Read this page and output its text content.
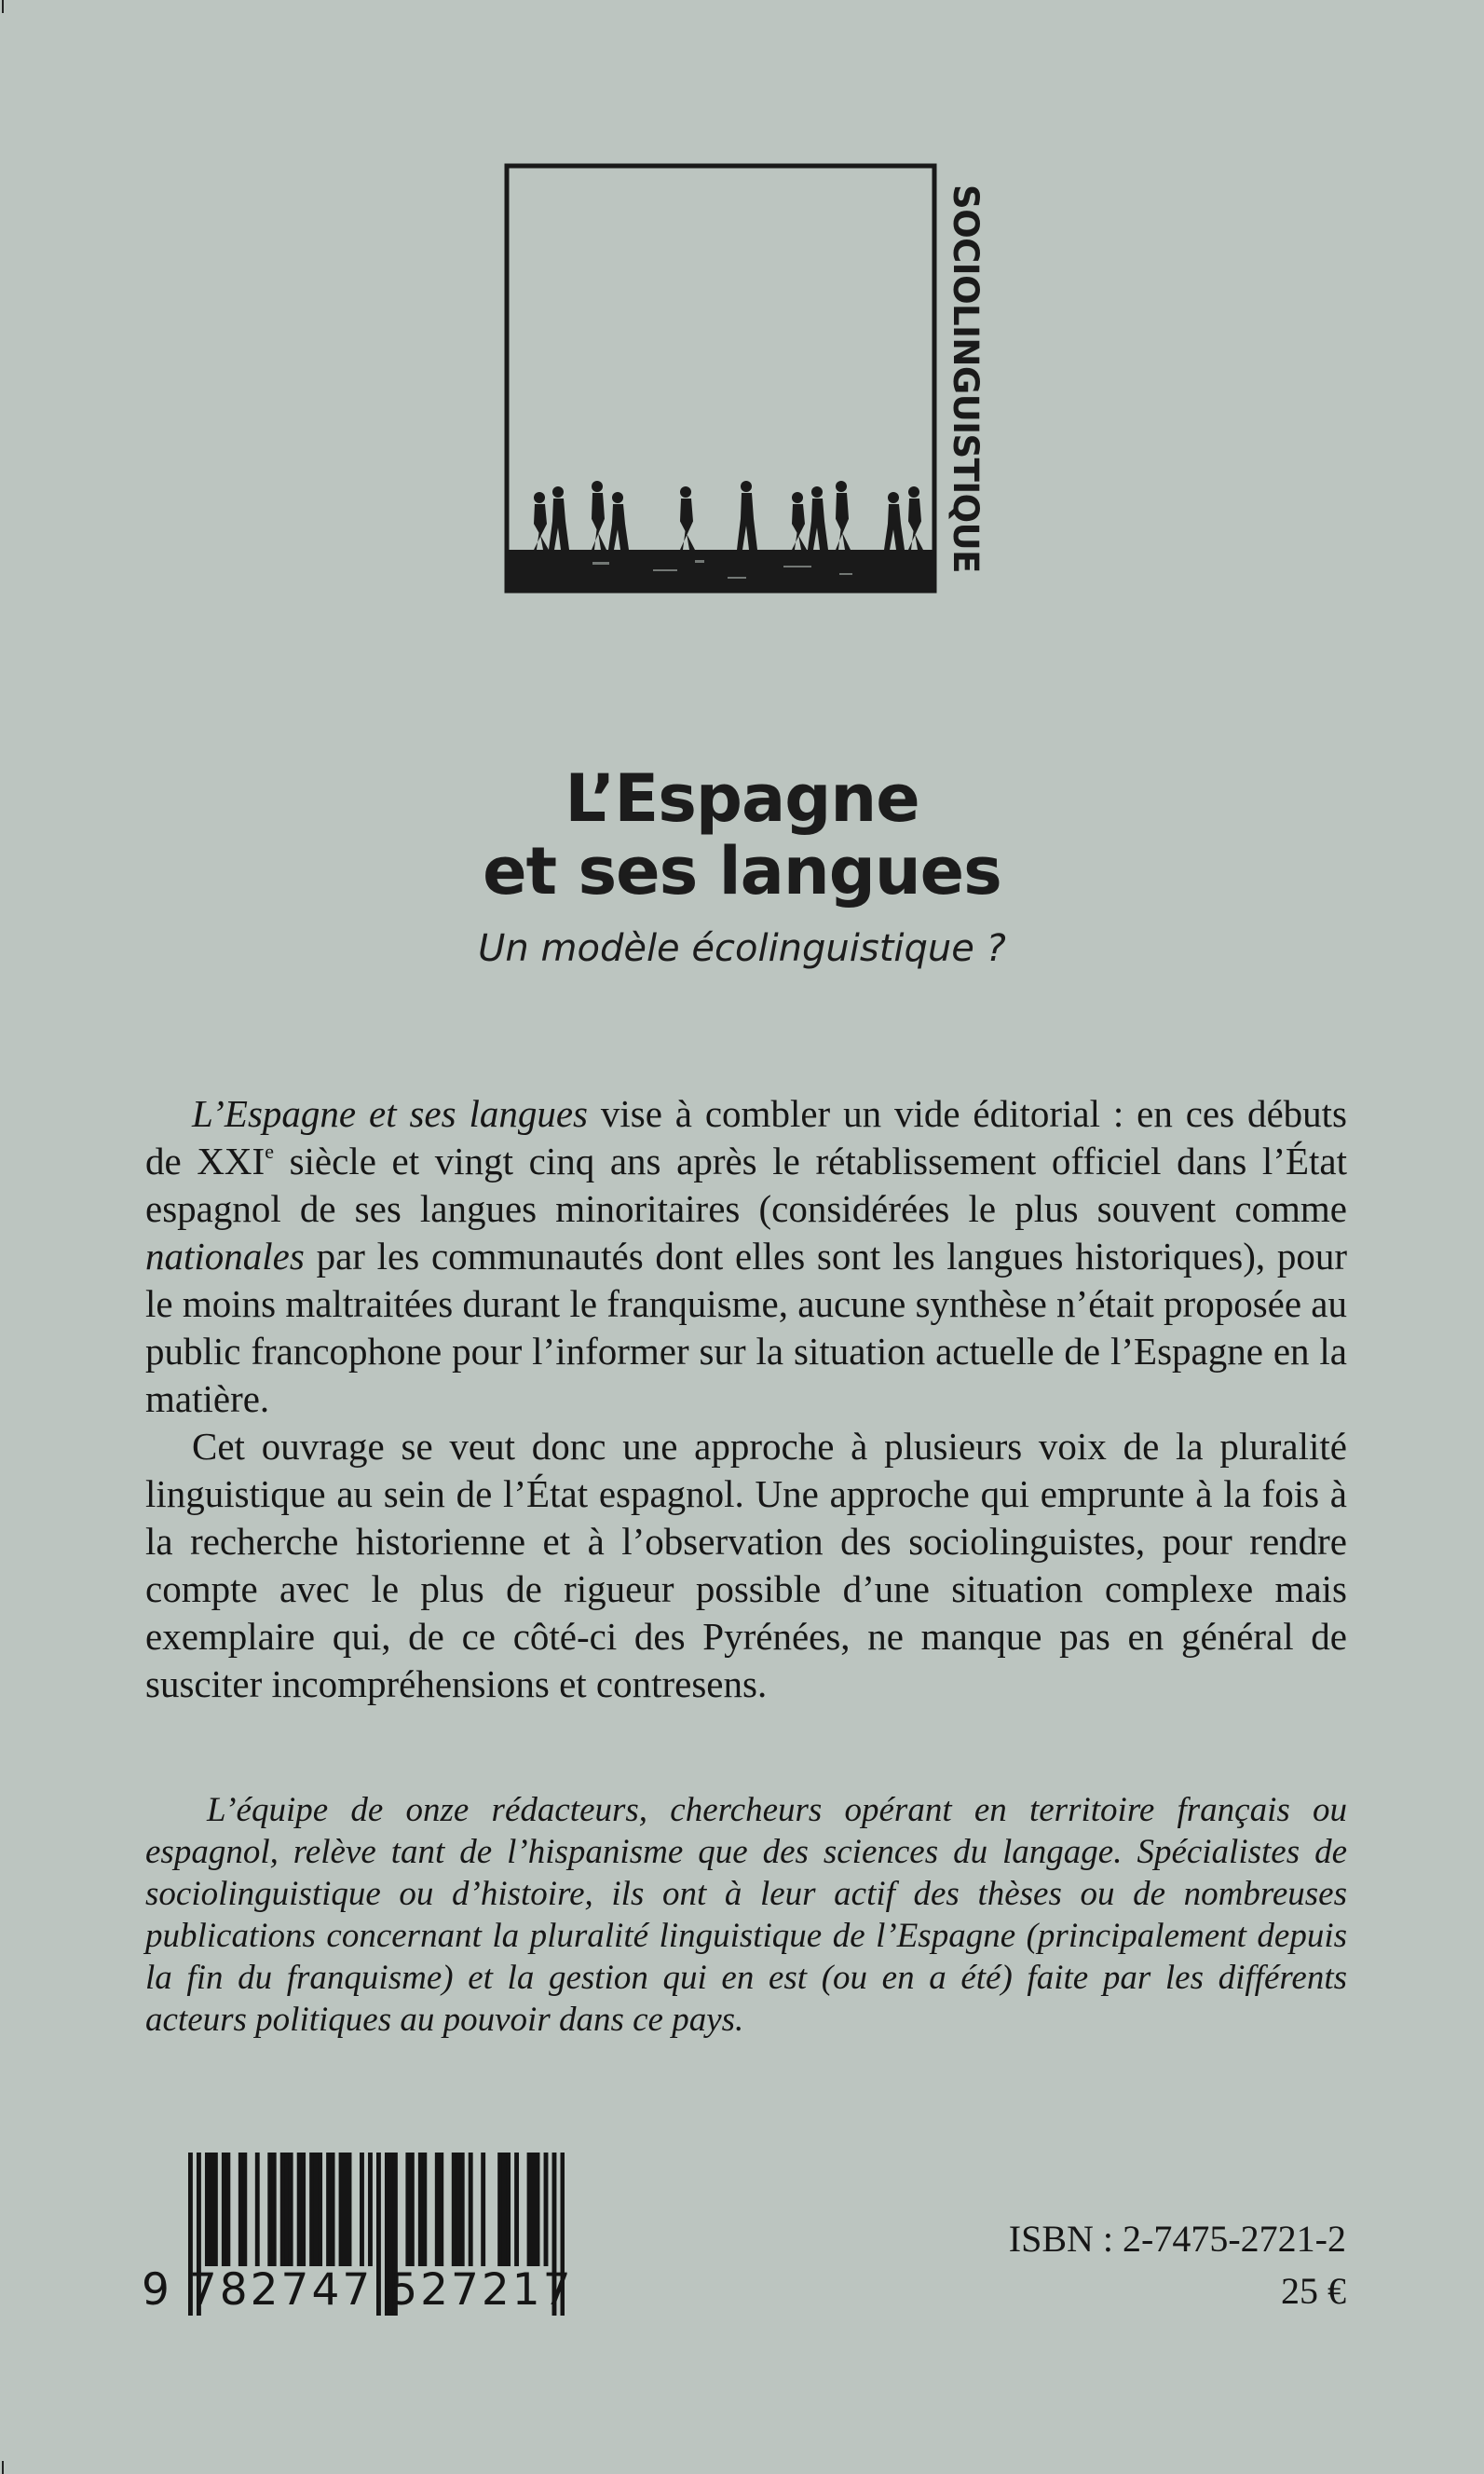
SOCIOLINGUISTIQUE
L’Espagne
et ses langues
Un modèle écolinguistique ?

L’Espagne et ses langues vise à combler un vide éditorial : en ces débuts de XXIe siècle et vingt cinq ans après le rétablissement officiel dans l’État espagnol de ses langues minoritaires (considérées le plus souvent comme nationales par les communautés dont elles sont les langues historiques), pour le moins maltraitées durant le franquisme, aucune synthèse n’était proposée au public francophone pour l’informer sur la situation actuelle de l’Espagne en la matière.

Cet ouvrage se veut donc une approche à plusieurs voix de la pluralité linguistique au sein de l’État espagnol. Une approche qui emprunte à la fois à la recherche historienne et à l’observation des sociolinguistes, pour rendre compte avec le plus de rigueur possible d’une situation complexe mais exemplaire qui, de ce côté-ci des Pyrénées, ne manque pas en général de susciter incompréhensions et contresens.

L’équipe de onze rédacteurs, chercheurs opérant en territoire français ou espagnol, relève tant de l’hispanisme que des sciences du langage. Spécialistes de sociolinguistique ou d’histoire, ils ont à leur actif des thèses ou de nombreuses publications concernant la pluralité linguistique de l’Espagne (principalement depuis la fin du franquisme) et la gestion qui en est (ou en a été) faite par les différents acteurs politiques au pouvoir dans ce pays.

9 782747 527217
ISBN : 2-7475-2721-2
25 €
